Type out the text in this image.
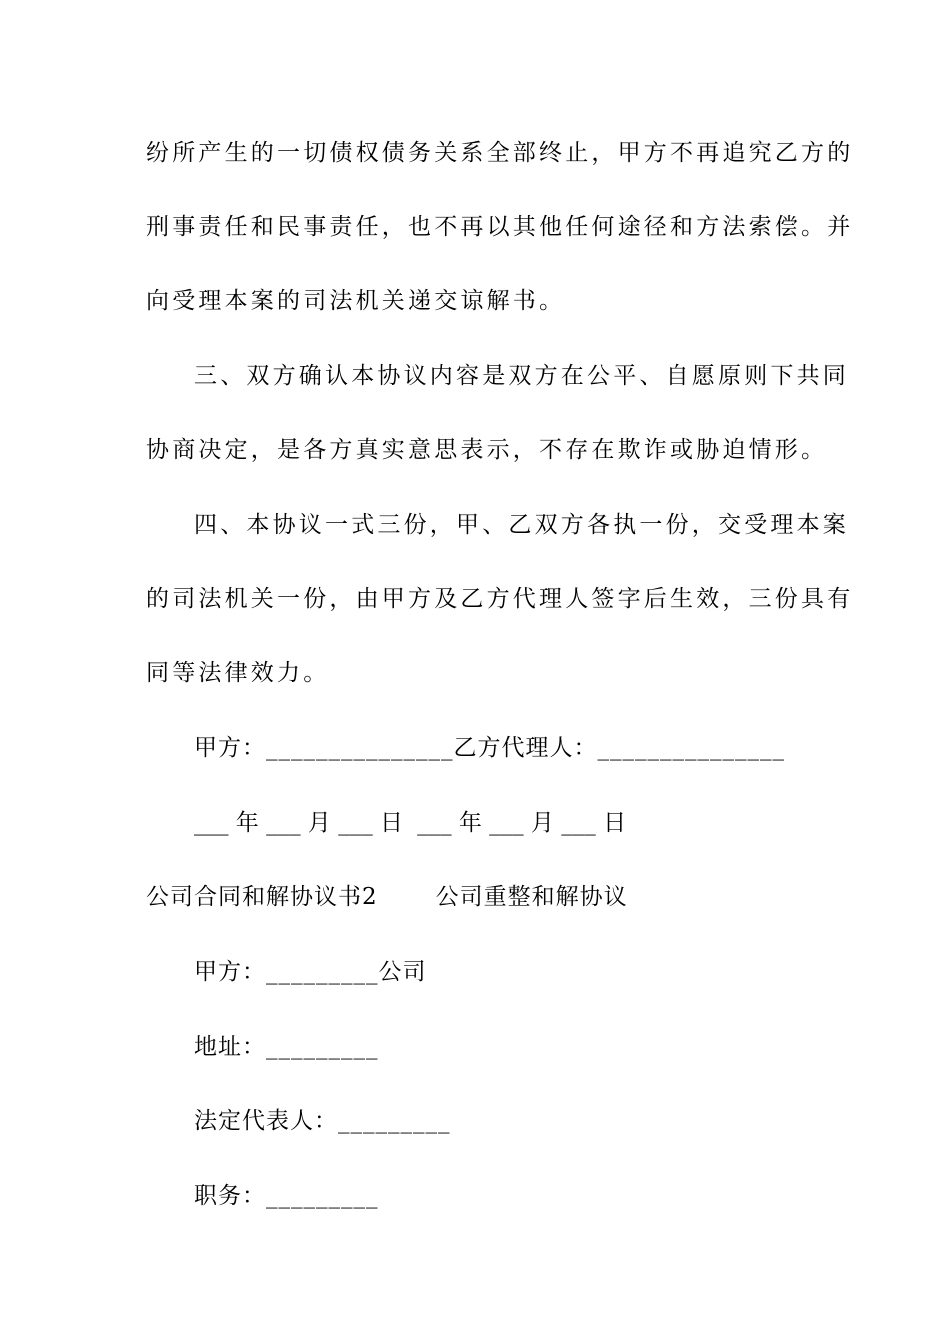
纷所产生的一切债权债务关系全部终止，甲方不再追究乙方的
刑事责任和民事责任，也不再以其他任何途径和方法索偿。并
向受理本案的司法机关递交谅解书。
三、双方确认本协议内容是双方在公平、自愿原则下共同
协商决定，是各方真实意思表示，不存在欺诈或胁迫情形。
四、本协议一式三份，甲、乙双方各执一份，交受理本案
的司法机关一份，由甲方及乙方代理人签字后生效，三份具有
同等法律效力。
甲方：_______________乙方代理人：_______________
___ 年 ___ 月 ___ 日 ___ 年 ___ 月 ___ 日
公司合同和解协议书2	公司重整和解协议
甲方：_________公司
地址：_________
法定代表人：_________
职务：_________
